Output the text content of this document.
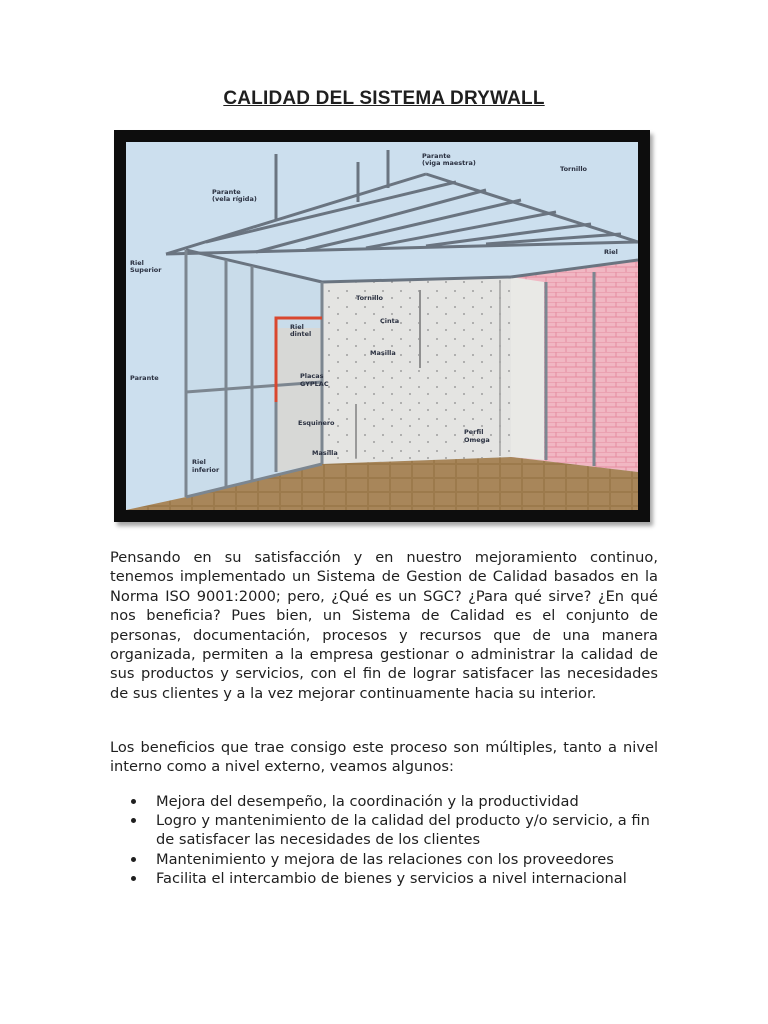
CALIDAD DEL SISTEMA DRYWALL
Parante
(viga maestra)
Tornillo
Parante
(vela rígida)
Riel
Superior
Riel
Tornillo
Cinta
Riel
dintel
Masilla
Placas
GYPLAC
Parante
Esquinero
Perfil
Omega
Masilla
Riel
inferior

Pensando en su satisfacción y en nuestro mejoramiento continuo, tenemos implementado un Sistema de Gestion de Calidad basados en la Norma ISO 9001:2000; pero, ¿Qué es un SGC? ¿Para qué sirve? ¿En qué nos beneficia? Pues bien, un Sistema de Calidad es el conjunto de personas, documentación, procesos y recursos que de una manera organizada, permiten a la empresa gestionar o administrar la calidad de sus productos y servicios, con el fin de lograr satisfacer las necesidades de sus clientes y a la vez mejorar continuamente hacia su interior.

Los beneficios que trae consigo este proceso son múltiples, tanto a nivel interno como a nivel externo, veamos algunos:

Mejora del desempeño, la coordinación y la productividad
Logro y mantenimiento de la calidad del producto y/o servicio, a fin de satisfacer las necesidades de los clientes
Mantenimiento y mejora de las relaciones con los proveedores
Facilita el intercambio de bienes y servicios a nivel internacional
